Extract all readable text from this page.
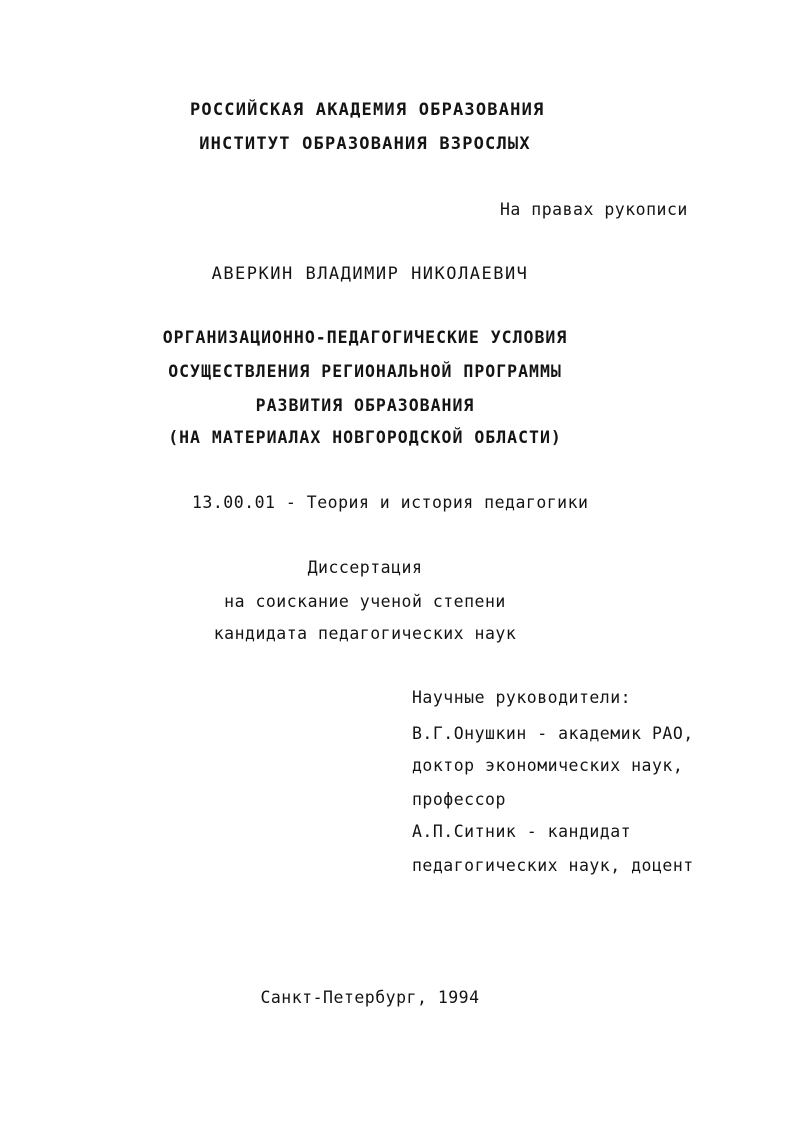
РОССИЙСКАЯ АКАДЕМИЯ ОБРАЗОВАНИЯ
ИНСТИТУТ ОБРАЗОВАНИЯ ВЗРОСЛЫХ
На правах рукописи
АВЕРКИН ВЛАДИМИР НИКОЛАЕВИЧ
ОРГАНИЗАЦИОННО-ПЕДАГОГИЧЕСКИЕ УСЛОВИЯ
ОСУЩЕСТВЛЕНИЯ РЕГИОНАЛЬНОЙ ПРОГРАММЫ
РАЗВИТИЯ ОБРАЗОВАНИЯ
(НА МАТЕРИАЛАХ НОВГОРОДСКОЙ ОБЛАСТИ)
13.00.01 - Теория и история педагогики
Диссертация
на соискание ученой степени
кандидата педагогических наук
Научные руководители:
В.Г.Онушкин - академик РАО,
доктор экономических наук,
профессор
А.П.Ситник - кандидат
педагогических наук, доцент
Санкт-Петербург, 1994
